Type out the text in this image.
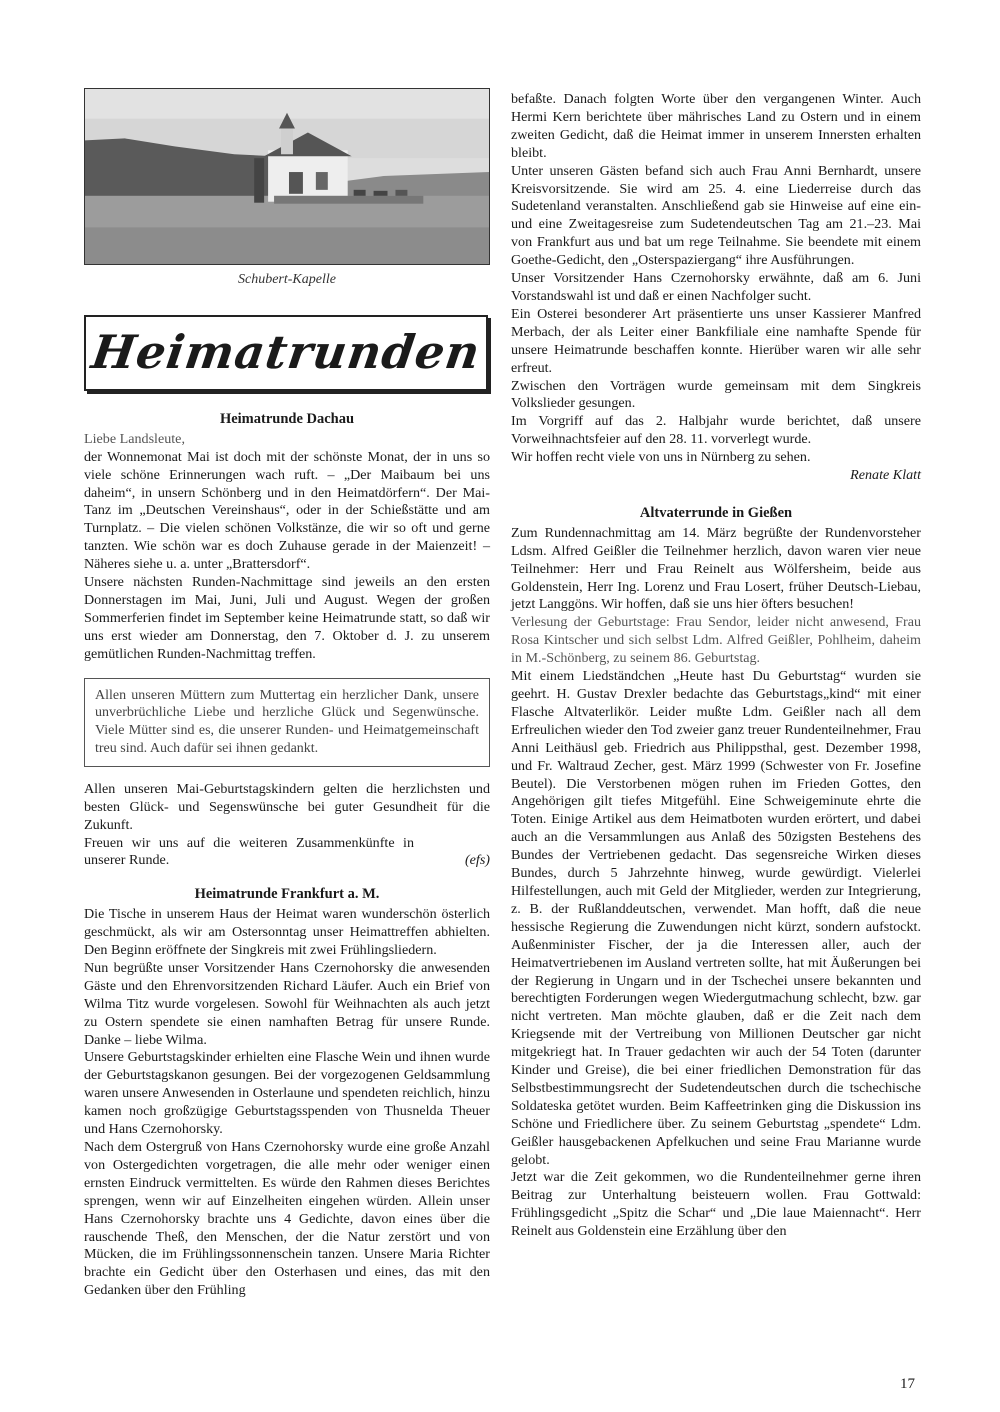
Schubert-Kapelle
Heimatrunden
Heimatrunde Dachau

Liebe Landsleute,

der Wonnemonat Mai ist doch mit der schönste Monat, der in uns so viele schöne Erinnerungen wach ruft. – „Der Maibaum bei uns daheim“, in unsern Schönberg und in den Heimatdörfern“. Der Mai-Tanz im „Deutschen Vereinshaus“, oder in der Schießstätte und am Turnplatz. – Die vielen schönen Volkstänze, die wir so oft und gerne tanzten. Wie schön war es doch Zuhause gerade in der Maienzeit! – Näheres siehe u. a. unter „Brattersdorf“.

Unsere nächsten Runden-Nachmittage sind jeweils an den ersten Donnerstagen im Mai, Juni, Juli und August. Wegen der großen Sommerferien findet im September keine Heimatrunde statt, so daß wir uns erst wieder am Donnerstag, den 7. Oktober d. J. zu unserem gemütlichen Runden-Nachmittag treffen.

Allen unseren Müttern zum Muttertag ein herzlicher Dank, unsere unverbrüchliche Liebe und herzliche Glück und Segenwünsche. Viele Mütter sind es, die unserer Runden- und Heimatgemeinschaft treu sind. Auch dafür sei ihnen gedankt.

Allen unseren Mai-Geburtstagskindern gelten die herzlichsten und besten Glück- und Segenswünsche bei guter Gesundheit für die Zukunft.

Freuen wir uns auf die weiteren Zusammenkünfte in unserer Runde.	(efs)

Heimatrunde Frankfurt a. M.

Die Tische in unserem Haus der Heimat waren wunderschön österlich geschmückt, als wir am Ostersonntag unser Heimattreffen abhielten. Den Beginn eröffnete der Singkreis mit zwei Frühlingsliedern.

Nun begrüßte unser Vorsitzender Hans Czernohorsky die anwesenden Gäste und den Ehrenvorsitzenden Richard Läufer. Auch ein Brief von Wilma Titz wurde vorgelesen. Sowohl für Weihnachten als auch jetzt zu Ostern spendete sie einen namhaften Betrag für unsere Runde. Danke – liebe Wilma.

Unsere Geburtstagskinder erhielten eine Flasche Wein und ihnen wurde der Geburtstagskanon gesungen. Bei der vorgezogenen Geldsammlung waren unsere Anwesenden in Osterlaune und spendeten reichlich, hinzu kamen noch großzügige Geburtstagsspenden von Thusnelda Theuer und Hans Czernohorsky.

Nach dem Ostergruß von Hans Czernohorsky wurde eine große Anzahl von Ostergedichten vorgetragen, die alle mehr oder weniger einen ernsten Eindruck vermittelten. Es würde den Rahmen dieses Berichtes sprengen, wenn wir auf Einzelheiten eingehen würden. Allein unser Hans Czernohorsky brachte uns 4 Gedichte, davon eines über die rauschende Theß, den Menschen, der die Natur zerstört und von Mücken, die im Frühlingssonnenschein tanzen. Unsere Maria Richter brachte ein Gedicht über den Osterhasen und eines, das mit den Gedanken über den Frühling

befaßte. Danach folgten Worte über den vergangenen Winter. Auch Hermi Kern berichtete über mährisches Land zu Ostern und in einem zweiten Gedicht, daß die Heimat immer in unserem Innersten erhalten bleibt.

Unter unseren Gästen befand sich auch Frau Anni Bernhardt, unsere Kreisvorsitzende. Sie wird am 25. 4. eine Liederreise durch das Sudetenland veranstalten. Anschließend gab sie Hinweise auf eine ein- und eine Zweitagesreise zum Sudetendeutschen Tag am 21.–23. Mai von Frankfurt aus und bat um rege Teilnahme. Sie beendete mit einem Goethe-Gedicht, den „Osterspaziergang“ ihre Ausführungen.

Unser Vorsitzender Hans Czernohorsky erwähnte, daß am 6. Juni Vorstandswahl ist und daß er einen Nachfolger sucht.

Ein Osterei besonderer Art präsentierte uns unser Kassierer Manfred Merbach, der als Leiter einer Bankfiliale eine namhafte Spende für unsere Heimatrunde beschaffen konnte. Hierüber waren wir alle sehr erfreut.

Zwischen den Vorträgen wurde gemeinsam mit dem Singkreis Volkslieder gesungen.

Im Vorgriff auf das 2. Halbjahr wurde berichtet, daß unsere Vorweihnachtsfeier auf den 28. 11. vorverlegt wurde.

Wir hoffen recht viele von uns in Nürnberg zu sehen.

Renate Klatt

Altvaterrunde in Gießen

Zum Rundennachmittag am 14. März begrüßte der Rundenvorsteher Ldsm. Alfred Geißler die Teilnehmer herzlich, davon waren vier neue Teilnehmer: Herr und Frau Reinelt aus Wölfersheim, beide aus Goldenstein, Herr Ing. Lorenz und Frau Losert, früher Deutsch-Liebau, jetzt Langgöns. Wir hoffen, daß sie uns hier öfters besuchen!

Verlesung der Geburtstage: Frau Sendor, leider nicht anwesend, Frau Rosa Kintscher und sich selbst Ldm. Alfred Geißler, Pohlheim, daheim in M.-Schönberg, zu seinem 86. Geburtstag.

Mit einem Liedständchen „Heute hast Du Geburtstag“ wurden sie geehrt. H. Gustav Drexler bedachte das Geburtstags„kind“ mit einer Flasche Altvaterlikör. Leider mußte Ldm. Geißler nach all dem Erfreulichen wieder den Tod zweier ganz treuer Rundenteilnehmer, Frau Anni Leithäusl geb. Friedrich aus Philippsthal, gest. Dezember 1998, und Fr. Waltraud Zecher, gest. März 1999 (Schwester von Fr. Josefine Beutel). Die Verstorbenen mögen ruhen im Frieden Gottes, den Angehörigen gilt tiefes Mitgefühl. Eine Schweigeminute ehrte die Toten. Einige Artikel aus dem Heimatboten wurden erörtert, und dabei auch an die Versammlungen aus Anlaß des 50zigsten Bestehens des Bundes der Vertriebenen gedacht. Das segensreiche Wirken dieses Bundes, durch 5 Jahrzehnte hinweg, wurde gewürdigt. Vielerlei Hilfestellungen, auch mit Geld der Mitglieder, werden zur Integrierung, z. B. der Rußlanddeutschen, verwendet. Man hofft, daß die neue hessische Regierung die Zuwendungen nicht kürzt, sondern aufstockt. Außenminister Fischer, der ja die Interessen aller, auch der Heimatvertriebenen im Ausland vertreten sollte, hat mit Äußerungen bei der Regierung in Ungarn und in der Tschechei unsere bekannten und berechtigten Forderungen wegen Wiedergutmachung schlecht, bzw. gar nicht vertreten. Man möchte glauben, daß er die Zeit nach dem Kriegsende mit der Vertreibung von Millionen Deutscher gar nicht mitgekriegt hat. In Trauer gedachten wir auch der 54 Toten (darunter Kinder und Greise), die bei einer friedlichen Demonstration für das Selbstbestimmungsrecht der Sudetendeutschen durch die tschechische Soldateska getötet wurden. Beim Kaffeetrinken ging die Diskussion ins Schöne und Friedlichere über. Zu seinem Geburtstag „spendete“ Ldm. Geißler hausgebackenen Apfelkuchen und seine Frau Marianne wurde gelobt.

Jetzt war die Zeit gekommen, wo die Rundenteilnehmer gerne ihren Beitrag zur Unterhaltung beisteuern wollen. Frau Gottwald: Frühlingsgedicht „Spitz die Schar“ und „Die laue Maiennacht“. Herr Reinelt aus Goldenstein eine Erzählung über den

17
